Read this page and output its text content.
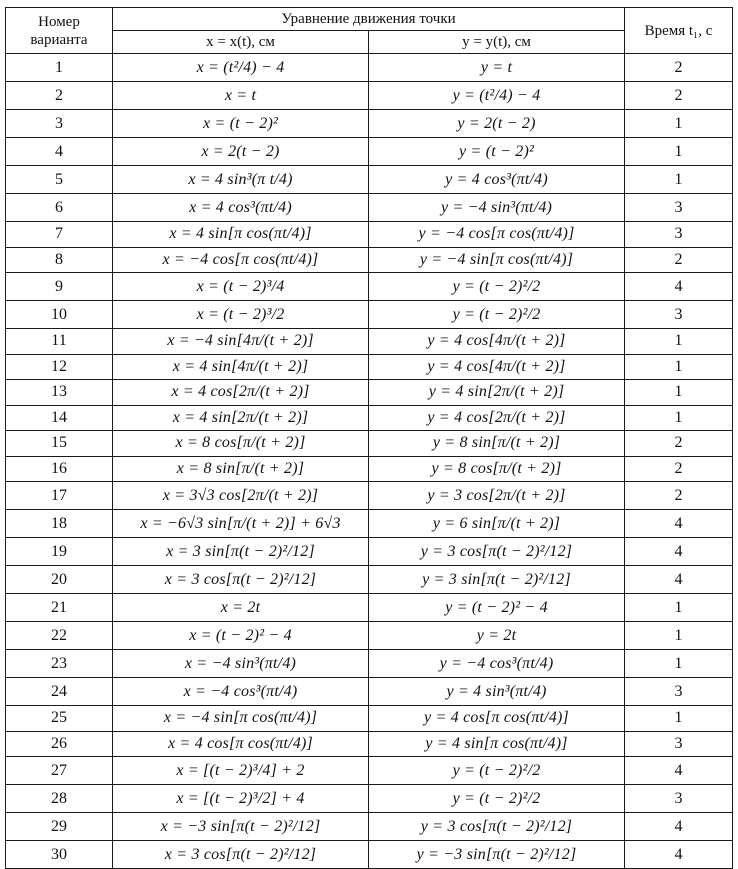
Номер варианта	Уравнение движения точки		Время t₁, с
	x = x(t), см	y = y(t), см	
1	x = (t²/4) − 4	y = t	2
2	x = t	y = (t²/4) − 4	2
3	x = (t − 2)²	y = 2(t − 2)	1
4	x = 2(t − 2)	y = (t − 2)²	1
5	x = 4 sin³(π t/4)	y = 4 cos³(πt/4)	1
6	x = 4 cos³(πt/4)	y = −4 sin³(πt/4)	3
7	x = 4 sin[π cos(πt/4)]	y = −4 cos[π cos(πt/4)]	3
8	x = −4 cos[π cos(πt/4)]	y = −4 sin[π cos(πt/4)]	2
9	x = (t − 2)³/4	y = (t − 2)²/2	4
10	x = (t − 2)³/2	y = (t − 2)²/2	3
11	x = −4 sin[4π/(t + 2)]	y = 4 cos[4π/(t + 2)]	1
12	x = 4 sin[4π/(t + 2)]	y = 4 cos[4π/(t + 2)]	1
13	x = 4 cos[2π/(t + 2)]	y = 4 sin[2π/(t + 2)]	1
14	x = 4 sin[2π/(t + 2)]	y = 4 cos[2π/(t + 2)]	1
15	x = 8 cos[π/(t + 2)]	y = 8 sin[π/(t + 2)]	2
16	x = 8 sin[π/(t + 2)]	y = 8 cos[π/(t + 2)]	2
17	x = 3√3 cos[2π/(t + 2)]	y = 3 cos[2π/(t + 2)]	2
18	x = −6√3 sin[π/(t + 2)] + 6√3	y = 6 sin[π/(t + 2)]	4
19	x = 3 sin[π(t − 2)²/12]	y = 3 cos[π(t − 2)²/12]	4
20	x = 3 cos[π(t − 2)²/12]	y = 3 sin[π(t − 2)²/12]	4
21	x = 2t	y = (t − 2)² − 4	1
22	x = (t − 2)² − 4	y = 2t	1
23	x = −4 sin³(πt/4)	y = −4 cos³(πt/4)	1
24	x = −4 cos³(πt/4)	y = 4 sin³(πt/4)	3
25	x = −4 sin[π cos(πt/4)]	y = 4 cos[π cos(πt/4)]	1
26	x = 4 cos[π cos(πt/4)]	y = 4 sin[π cos(πt/4)]	3
27	x = [(t − 2)³/4] + 2	y = (t − 2)²/2	4
28	x = [(t − 2)³/2] + 4	y = (t − 2)²/2	3
29	x = −3 sin[π(t − 2)²/12]	y = 3 cos[π(t − 2)²/12]	4
30	x = 3 cos[π(t − 2)²/12]	y = −3 sin[π(t − 2)²/12]	4
